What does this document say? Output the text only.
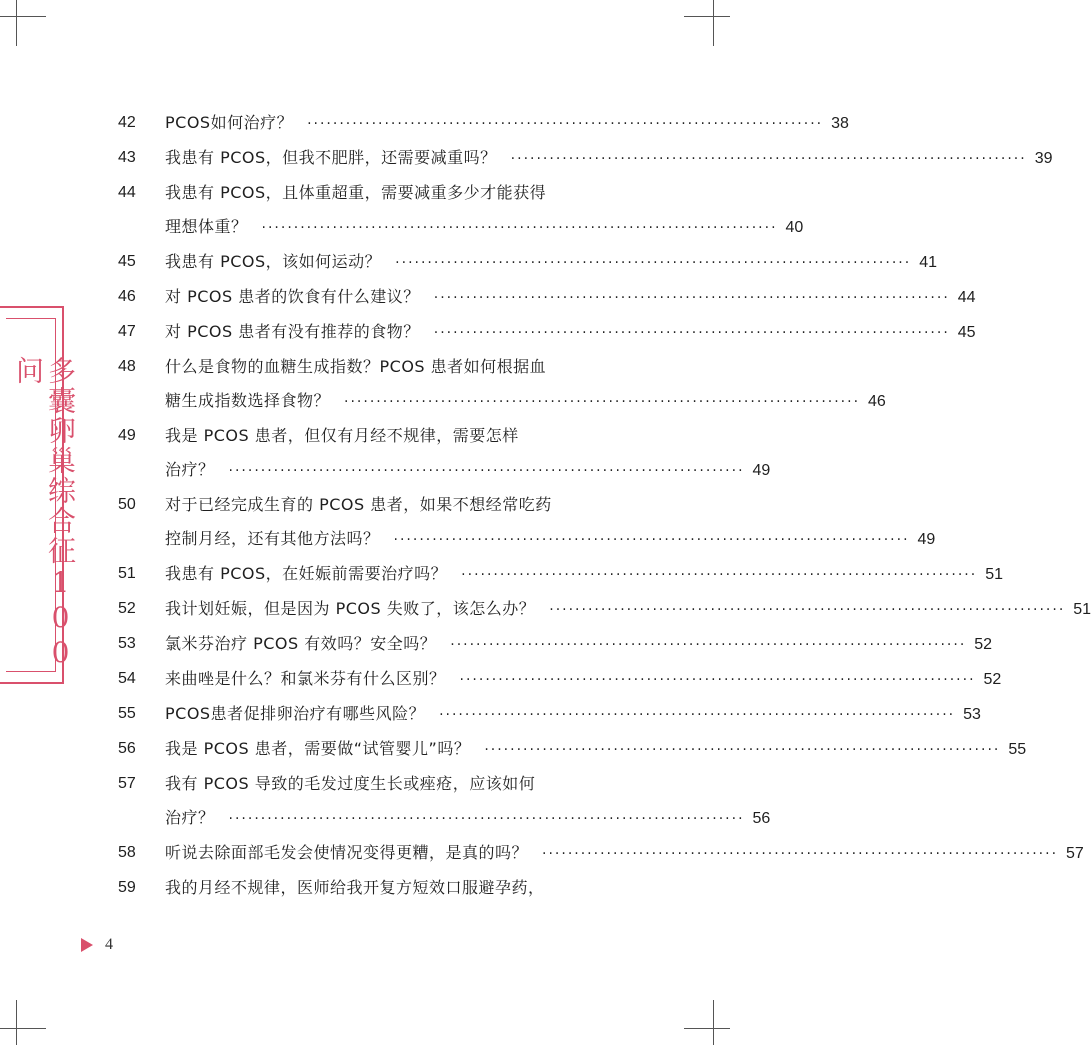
多囊卵巢综合征100问
42	PCOS如何治疗？ ················································································ 38
43	我患有 PCOS，但我不肥胖，还需要减重吗？ ················································································ 39
44	我患有 PCOS，且体重超重，需要减重多少才能获得
理想体重？ ················································································ 40
45	我患有 PCOS，该如何运动？ ················································································ 41
46	对 PCOS 患者的饮食有什么建议？ ················································································ 44
47	对 PCOS 患者有没有推荐的食物？ ················································································ 45
48	什么是食物的血糖生成指数？PCOS 患者如何根据血
糖生成指数选择食物？ ················································································ 46
49	我是 PCOS 患者，但仅有月经不规律，需要怎样
治疗？ ················································································ 49
50	对于已经完成生育的 PCOS 患者，如果不想经常吃药
控制月经，还有其他方法吗？ ················································································ 49
51	我患有 PCOS，在妊娠前需要治疗吗？ ················································································ 51
52	我计划妊娠，但是因为 PCOS 失败了，该怎么办？ ················································································ 51
53	氯米芬治疗 PCOS 有效吗？安全吗？ ················································································ 52
54	来曲唑是什么？和氯米芬有什么区别？ ················································································ 52
55	PCOS患者促排卵治疗有哪些风险？ ················································································ 53
56	我是 PCOS 患者，需要做“试管婴儿”吗？ ················································································ 55
57	我有 PCOS 导致的毛发过度生长或痤疮，应该如何
治疗？ ················································································ 56
58	听说去除面部毛发会使情况变得更糟，是真的吗？ ················································································ 57
59	我的月经不规律，医师给我开复方短效口服避孕药，
4
